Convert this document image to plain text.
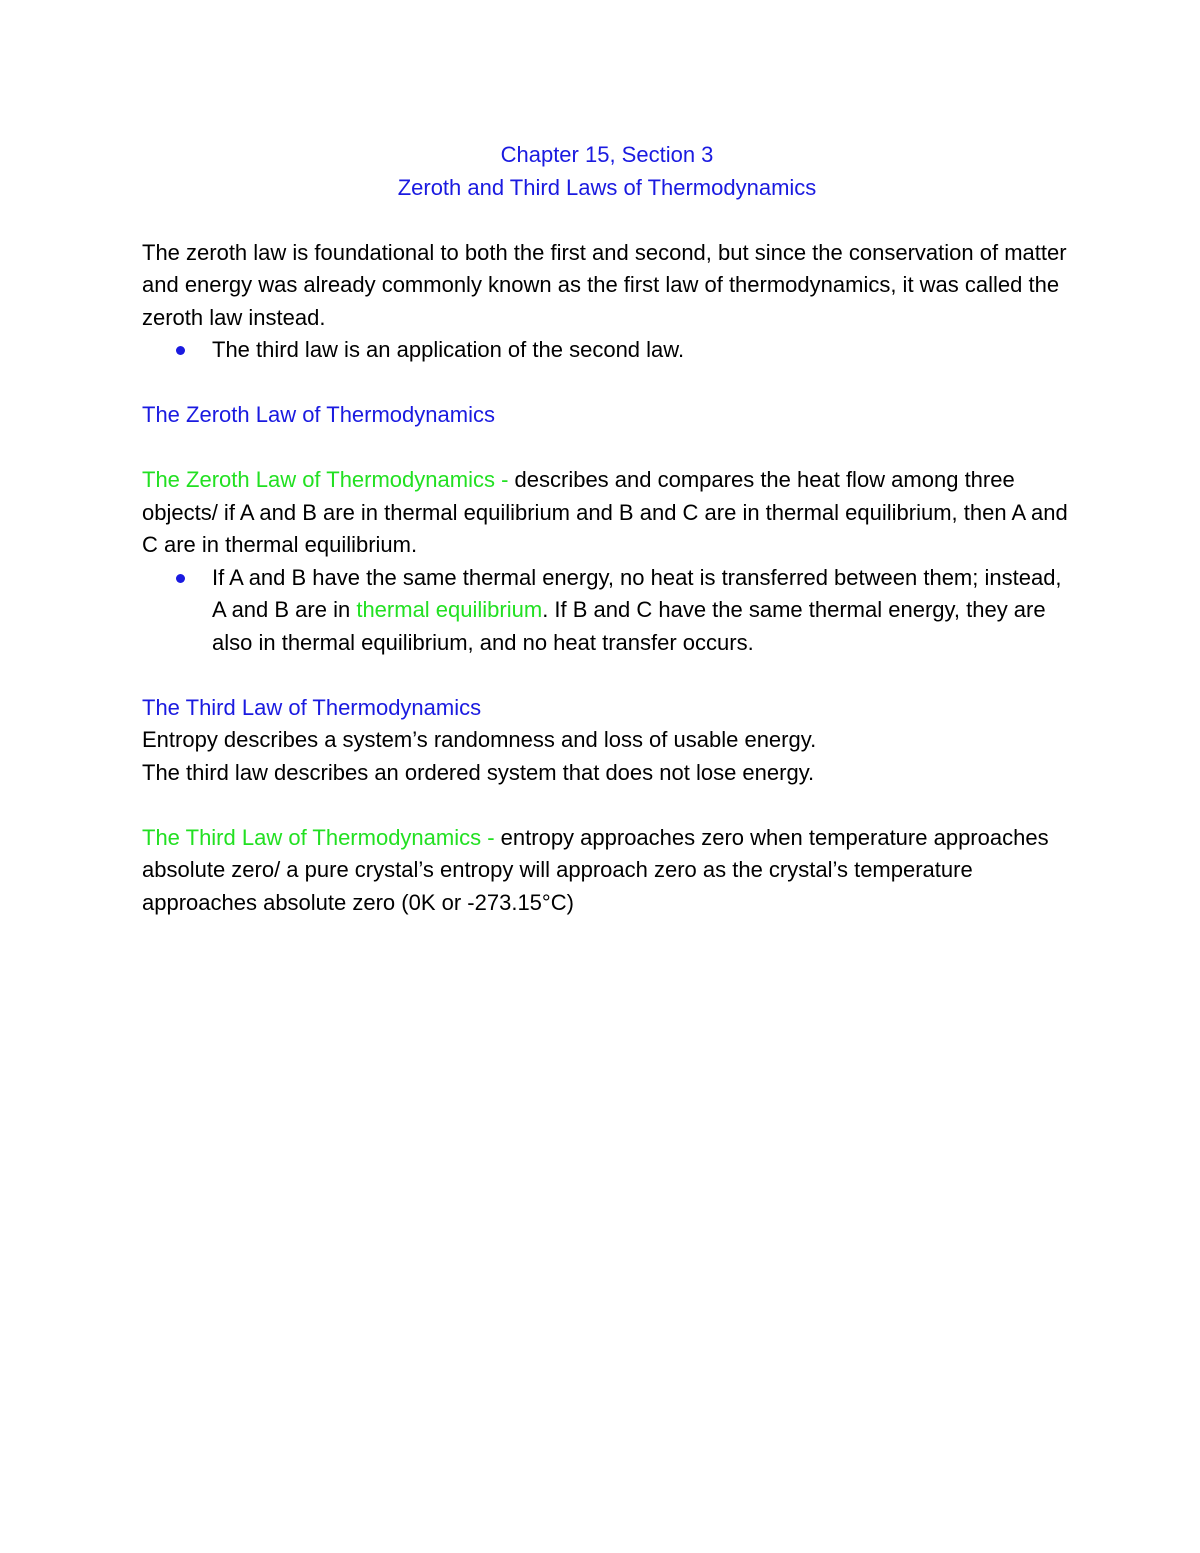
Chapter 15, Section 3
Zeroth and Third Laws of Thermodynamics

The zeroth law is foundational to both the first and second, but since the conservation of matter and energy was already commonly known as the first law of thermodynamics, it was called the zeroth law instead.

The third law is an application of the second law.

The Zeroth Law of Thermodynamics

The Zeroth Law of Thermodynamics - describes and compares the heat flow among three objects/ if A and B are in thermal equilibrium and B and C are in thermal equilibrium, then A and C are in thermal equilibrium.

If A and B have the same thermal energy, no heat is transferred between them; instead, A and B are in thermal equilibrium. If B and C have the same thermal energy, they are also in thermal equilibrium, and no heat transfer occurs.

The Third Law of Thermodynamics

Entropy describes a system’s randomness and loss of usable energy.

The third law describes an ordered system that does not lose energy.

The Third Law of Thermodynamics - entropy approaches zero when temperature approaches absolute zero/ a pure crystal’s entropy will approach zero as the crystal’s temperature approaches absolute zero (0K or -273.15°C)
